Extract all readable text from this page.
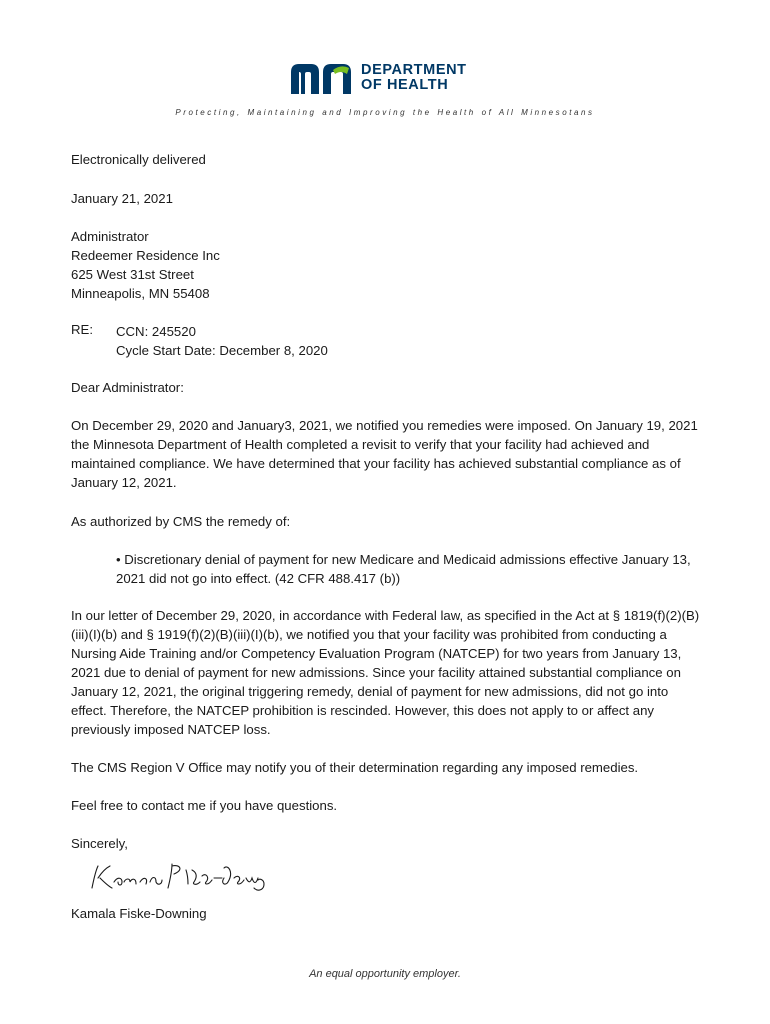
DEPARTMENT
OF HEALTH
Protecting, Maintaining and Improving the Health of All Minnesotans
Electronically delivered
January 21, 2021

Administrator

Redeemer Residence Inc

625 West 31st Street

Minneapolis, MN 55408

RE: CCN: 245520
Cycle Start Date: December 8, 2020
Dear Administrator:
On December 29, 2020 and January3, 2021, we notified you remedies were imposed. On January 19, 2021 the Minnesota Department of Health completed a revisit to verify that your facility had achieved and maintained compliance. We have determined that your facility has achieved substantial compliance as of January 12, 2021.
As authorized by CMS the remedy of:
• Discretionary denial of payment for new Medicare and Medicaid admissions effective January 13, 2021 did not go into effect. (42 CFR 488.417 (b))
In our letter of December 29, 2020, in accordance with Federal law, as specified in the Act at § 1819(f)(2)(B)(iii)(I)(b) and § 1919(f)(2)(B)(iii)(I)(b), we notified you that your facility was prohibited from conducting a Nursing Aide Training and/or Competency Evaluation Program (NATCEP) for two years from January 13, 2021 due to denial of payment for new admissions. Since your facility attained substantial compliance on January 12, 2021, the original triggering remedy, denial of payment for new admissions, did not go into effect. Therefore, the NATCEP prohibition is rescinded. However, this does not apply to or affect any previously imposed NATCEP loss.
The CMS Region V Office may notify you of their determination regarding any imposed remedies.
Feel free to contact me if you have questions.
Sincerely,
Kamala Fiske-Downing
An equal opportunity employer.
